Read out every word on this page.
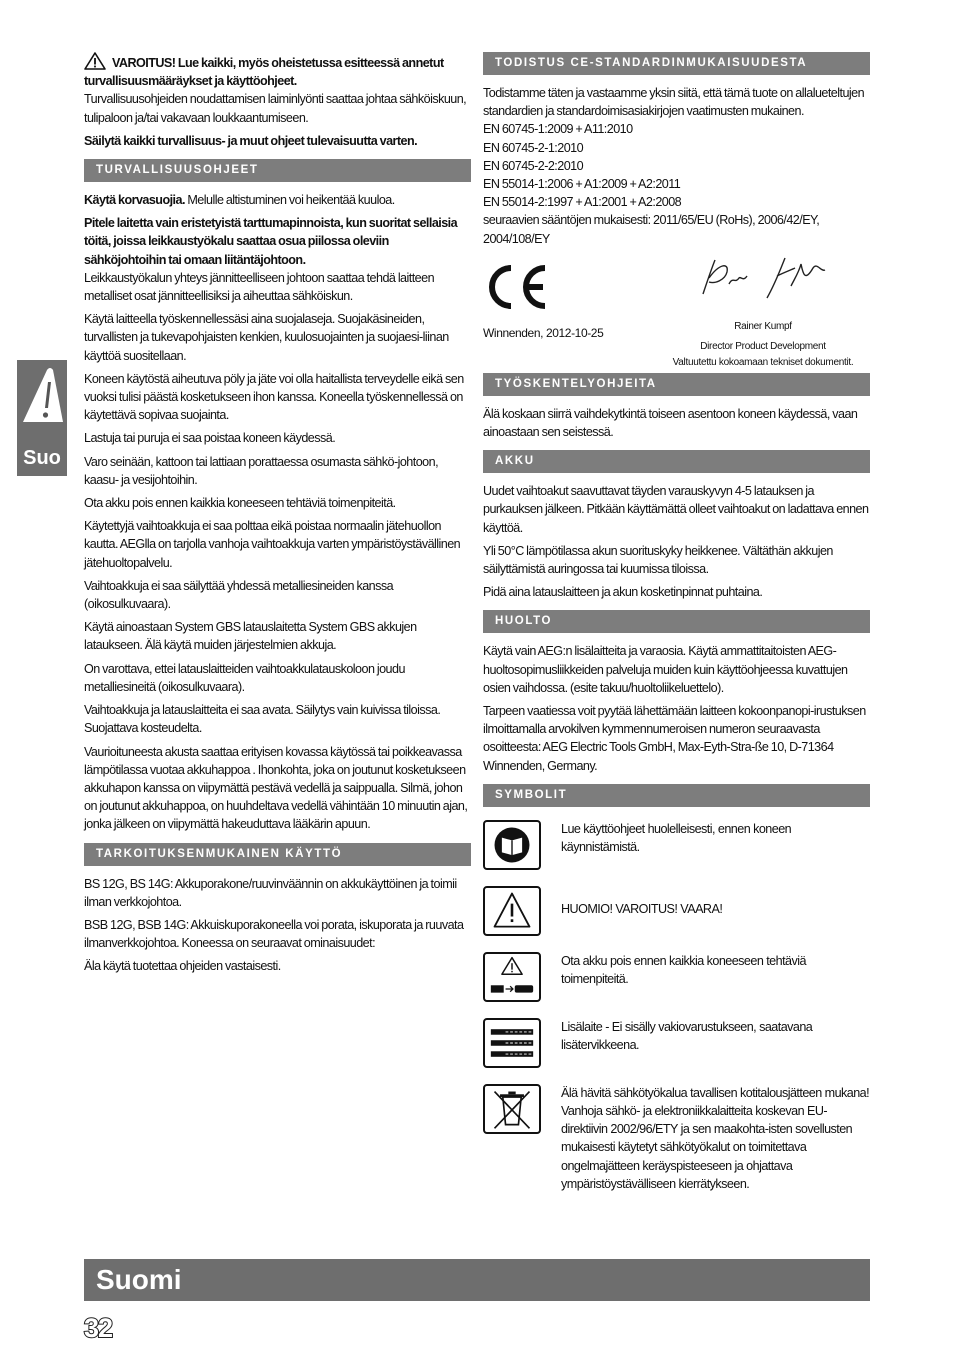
Suo

VAROITUS! Lue kaikki, myös oheistetussa esitteessä annetut turvallisuusmääräykset ja käyttöohjeet.
Turvallisuusohjeiden noudattamisen laiminlyönti saattaa johtaa sähköiskuun, tulipaloon ja/tai vakavaan loukkaantumiseen.

Säilytä kaikki turvallisuus- ja muut ohjeet tulevaisuutta varten.

TURVALLISUUSOHJEET

Käytä korvasuojia. Melulle altistuminen voi heikentää kuuloa.

Pitele laitetta vain eristetyistä tarttumapinnoista, kun suoritat sellaisia töitä, joissa leikkaustyökalu saattaa osua piilossa oleviin sähköjohtoihin tai omaan liitäntäjohtoon.
Leikkaustyökalun yhteys jännitteelliseen johtoon saattaa tehdä laitteen metalliset osat jännitteellisiksi ja aiheuttaa sähköiskun.

Käytä laitteella työskennellessäsi aina suojalaseja. Suojakäsineiden, turvallisten ja tukevapohjaisten kenkien, kuulosuojainten ja suojaesi-liinan käyttöä suositellaan.

Koneen käytöstä aiheutuva pöly ja jäte voi olla haitallista terveydelle eikä sen vuoksi tulisi päästä kosketukseen ihon kanssa. Koneella työskennellessä on käytettävä sopivaa suojainta.

Lastuja tai puruja ei saa poistaa koneen käydessä.

Varo seinään, kattoon tai lattiaan porattaessa osumasta sähkö-johtoon, kaasu- ja vesijohtoihin.

Ota akku pois ennen kaikkia koneeseen tehtäviä toimenpiteitä.

Käytettyjä vaihtoakkuja ei saa polttaa eikä poistaa normaalin jätehuollon kautta. AEGlla on tarjolla vanhoja vaihtoakkuja varten ympäristöystävällinen jätehuoltopalvelu.

Vaihtoakkuja ei saa säilyttää yhdessä metalliesineiden kanssa (oikosulkuvaara).

Käytä ainoastaan System GBS latauslaitetta System GBS akkujen lataukseen. Älä käytä muiden järjestelmien akkuja.

On varottava, ettei latauslaitteiden vaihtoakkulatauskoloon joudu metalliesineitä (oikosulkuvaara).

Vaihtoakkuja ja latauslaitteita ei saa avata. Säilytys vain kuivissa tiloissa. Suojattava kosteudelta.

Vaurioituneesta akusta saattaa erityisen kovassa käytössä tai poikkeavassa lämpötilassa vuotaa akkuhappoa . Ihonkohta, joka on joutunut kosketukseen akkuhapon kanssa on viipymättä pestävä vedellä ja saippualla. Silmä, johon on joutunut akkuhappoa, on huuhdeltava vedellä vähintään 10 minuutin ajan, jonka jälkeen on viipymättä hakeuduttava lääkärin apuun.

TARKOITUKSENMUKAINEN KÄYTTÖ

BS 12G, BS 14G: Akkuporakone/ruuvinväännin on akkukäyttöinen ja toimii ilman verkkojohtoa.

BSB 12G, BSB 14G: Akkuiskuporakoneella voi porata, iskuporata ja ruuvata ilmanverkkojohtoa. Koneessa on seuraavat ominaisuudet:

Äla käytä tuotettaa ohjeiden vastaisesti.

TODISTUS CE-STANDARDINMUKAISUUDESTA

Todistamme täten ja vastaamme yksin siitä, että tämä tuote on allalueteltujen standardien ja standardoimisasiakirjojen vaatimusten mukainen.

EN 60745-1:2009 + A11:2010

EN 60745-2-1:2010

EN 60745-2-2:2010

EN 55014-1:2006 + A1:2009 + A2:2011

EN 55014-2:1997 + A1:2001 + A2:2008

seuraavien sääntöjen mukaisesti: 2011/65/EU (RoHs), 2006/42/EY, 2004/108/EY

Winnenden, 2012-10-25	Rainer Kumpf
Director Product Development
Valtuutettu kokoamaan tekniset dokumentit.
TYÖSKENTELYOHJEITA

Älä koskaan siirrä vaihdekytkintä toiseen asentoon koneen käydessä, vaan ainoastaan sen seistessä.

AKKU

Uudet vaihtoakut saavuttavat täyden varauskyvyn 4-5 latauksen ja purkauksen jälkeen. Pitkään käyttämättä olleet vaihtoakut on ladattava ennen käyttöä.

Yli 50°C lämpötilassa akun suorituskyky heikkenee. Vältäthän akkujen säilyttämistä auringossa tai kuumissa tiloissa.

Pidä aina latauslaitteen ja akun kosketinpinnat puhtaina.

HUOLTO

Käytä vain AEG:n lisälaitteita ja varaosia. Käytä ammattitaitoisten AEG-huoltosopimusliikkeiden palveluja muiden kuin käyttöohjeessa kuvattujen osien vaihdossa. (esite takuu/huoltoliikeluettelo).

Tarpeen vaatiessa voit pyytää lähettämään laitteen kokoonpanopi-irustuksen ilmoittamalla arvokilven kymmennumeroisen numeron seuraavasta osoitteesta: AEG Electric Tools GmbH, Max-Eyth-Stra-ße 10, D-71364 Winnenden, Germany.

SYMBOLIT
Lue käyttöohjeet huolelleisesti, ennen koneen käynnistämistä.
HUOMIO! VAROITUS! VAARA!
Ota akku pois ennen kaikkia koneeseen tehtäviä toimenpiteitä.
Lisälaite - Ei sisälly vakiovarustukseen, saatavana lisätervikkeena.
Älä hävitä sähkötyökalua tavallisen kotitalousjätteen mukana! Vanhoja sähkö- ja elektroniikkalaitteita koskevan EU-direktiivin 2002/96/ETY ja sen maakohta-isten sovellusten mukaisesti käytetyt sähkötyökalut on toimitettava ongelmajätteen keräyspisteeseen ja ohjattava ympäristöystävälliseen kierrätykseen.
Suomi
32
